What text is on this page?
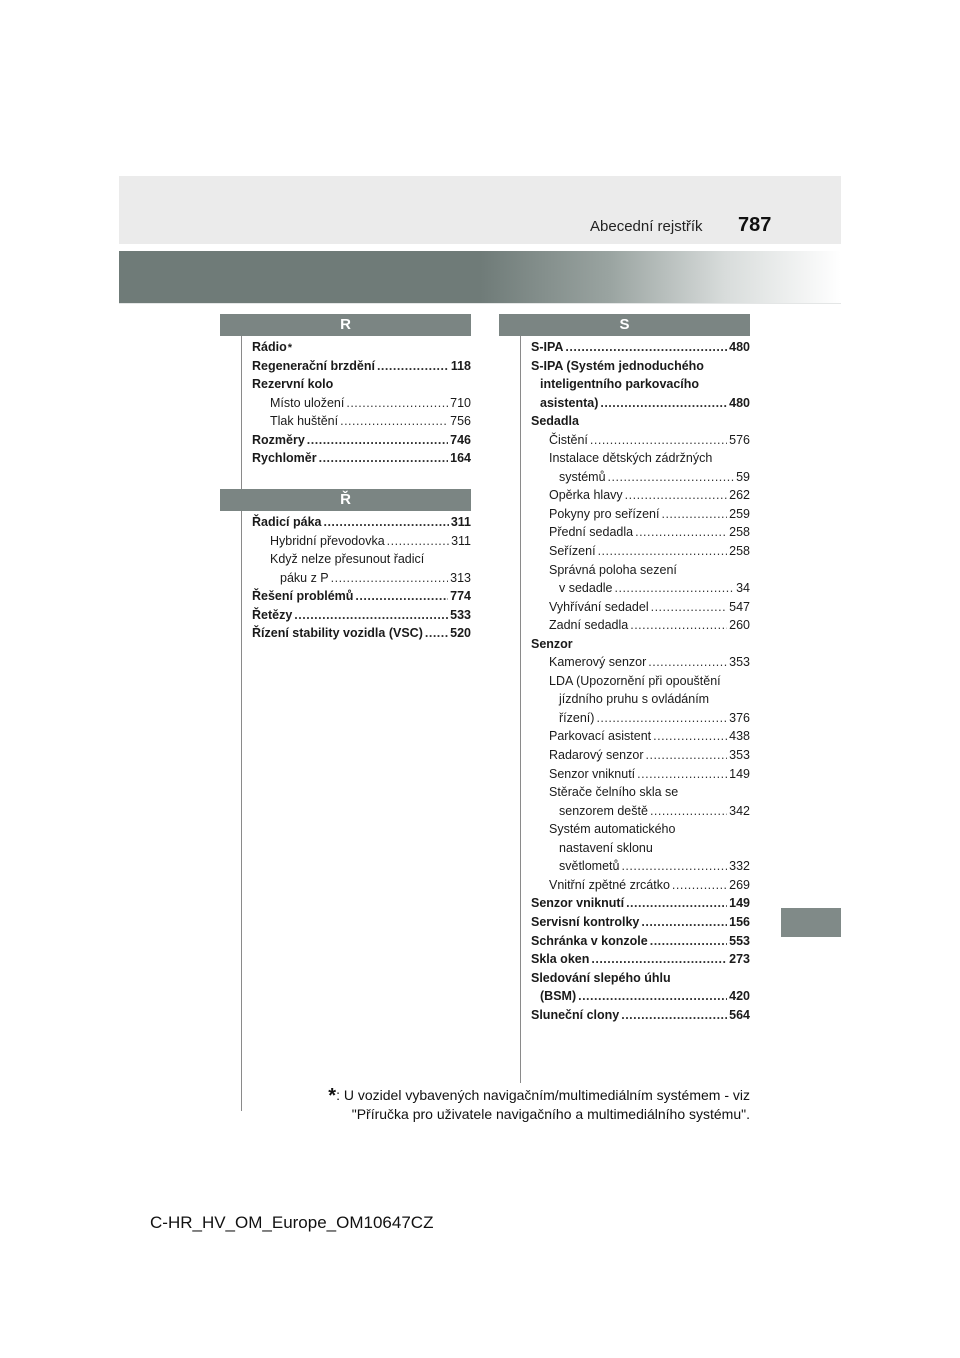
Abecední rejstřík 787
R
Ř
S
Rádio *
Regenerační brzdění .....	118
Rezervní kolo
Místo uložení .....	710
Tlak huštění .....	756
Rozměry .....	746
Rychloměr .....	164
Řadicí páka .....	311
Hybridní převodovka .....	311
Když nelze přesunout řadicí
páku z P .....	313
Řešení problémů .....	774
Řetězy .....	533
Řízení stability vozidla (VSC) ..... 520
S-IPA .....	480
S-IPA (Systém jednoduchého
inteligentního parkovacího
asistenta) .....	480
Sedadla
Čistění .....	576
Instalace dětských zádržných
systémů .....	59
Opěrka hlavy .....	262
Pokyny pro seřízení .....	259
Přední sedadla .....	258
Seřízení .....	258
Správná poloha sezení
v sedadle .....	34
Vyhřívání sedadel .....	547
Zadní sedadla .....	260
Senzor
Kamerový senzor .....	353
LDA (Upozornění při opouštění
jízdního pruhu s ovládáním
řízení) .....	376
Parkovací asistent .....	438
Radarový senzor .....	353
Senzor vniknutí .....	149
Stěrače čelního skla se
senzorem deště .....	342
Systém automatického
nastavení sklonu
světlometů .....	332
Vnitřní zpětné zrcátko .....	269
Senzor vniknutí .....	149
Servisní kontrolky .....	156
Schránka v konzole .....	553
Skla oken .....	273
Sledování slepého úhlu
(BSM) .....	420
Sluneční clony .....	564
*: U vozidel vybavených navigačním/multimediálním systémem - viz
"Příručka pro uživatele navigačního a multimediálního systému".
C-HR_HV_OM_Europe_OM10647CZ
